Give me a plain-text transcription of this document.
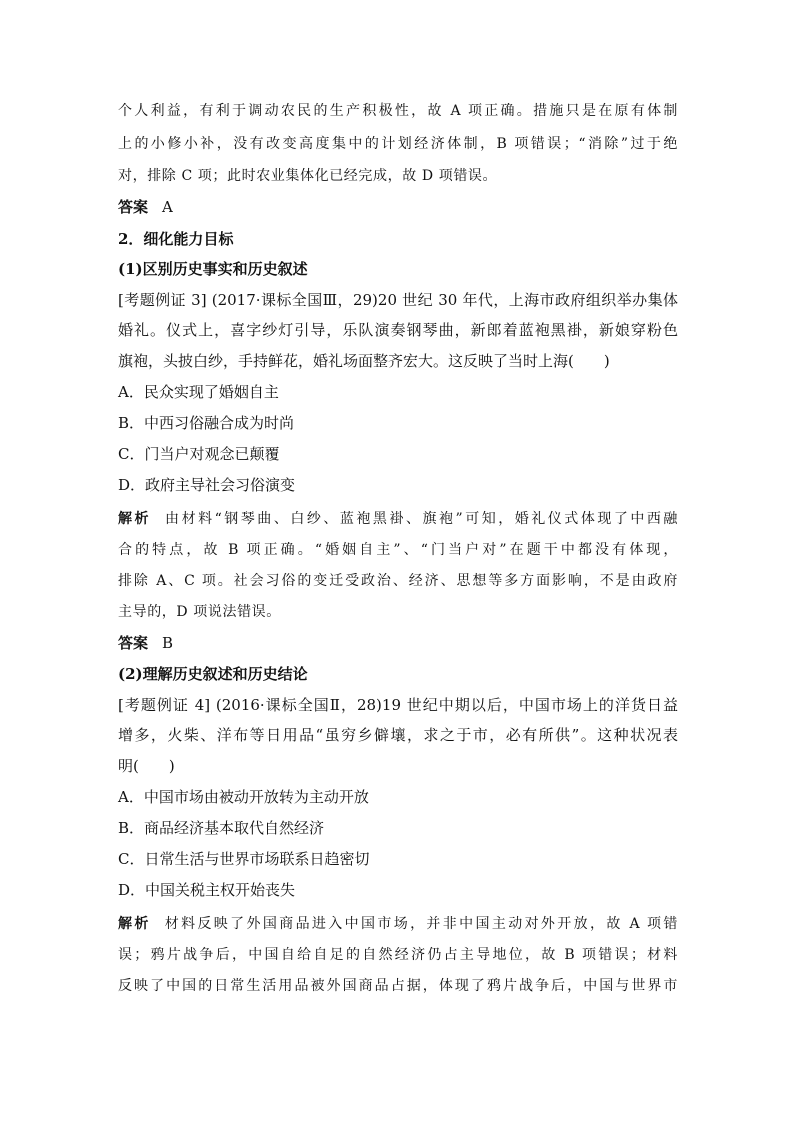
个人利益，有利于调动农民的生产积极性，故 A 项正确。措施只是在原有体制
上的小修小补，没有改变高度集中的计划经济体制，B 项错误；“消除”过于绝
对，排除 C 项；此时农业集体化已经完成，故 D 项错误。
答案 A
2．细化能力目标
(1)区别历史事实和历史叙述
[考题例证 3] (2017·课标全国Ⅲ，29)20 世纪 30 年代，上海市政府组织举办集体
婚礼。仪式上，喜字纱灯引导，乐队演奏钢琴曲，新郎着蓝袍黑褂，新娘穿粉色
旗袍，头披白纱，手持鲜花，婚礼场面整齐宏大。这反映了当时上海(　　)
A．民众实现了婚姻自主
B．中西习俗融合成为时尚
C．门当户对观念已颠覆
D．政府主导社会习俗演变
解析 由材料“钢琴曲、白纱、蓝袍黑褂、旗袍”可知，婚礼仪式体现了中西融
合的特点，故 B 项正确。“婚姻自主”、“门当户对”在题干中都没有体现，
排除 A、C 项。社会习俗的变迁受政治、经济、思想等多方面影响，不是由政府
主导的，D 项说法错误。
答案 B
(2)理解历史叙述和历史结论
[考题例证 4] (2016·课标全国Ⅱ，28)19 世纪中期以后，中国市场上的洋货日益
增多，火柴、洋布等日用品“虽穷乡僻壤，求之于市，必有所供”。这种状况表
明(　　)
A．中国市场由被动开放转为主动开放
B．商品经济基本取代自然经济
C．日常生活与世界市场联系日趋密切
D．中国关税主权开始丧失
解析 材料反映了外国商品进入中国市场，并非中国主动对外开放，故 A 项错
误；鸦片战争后，中国自给自足的自然经济仍占主导地位，故 B 项错误；材料
反映了中国的日常生活用品被外国商品占据，体现了鸦片战争后，中国与世界市
